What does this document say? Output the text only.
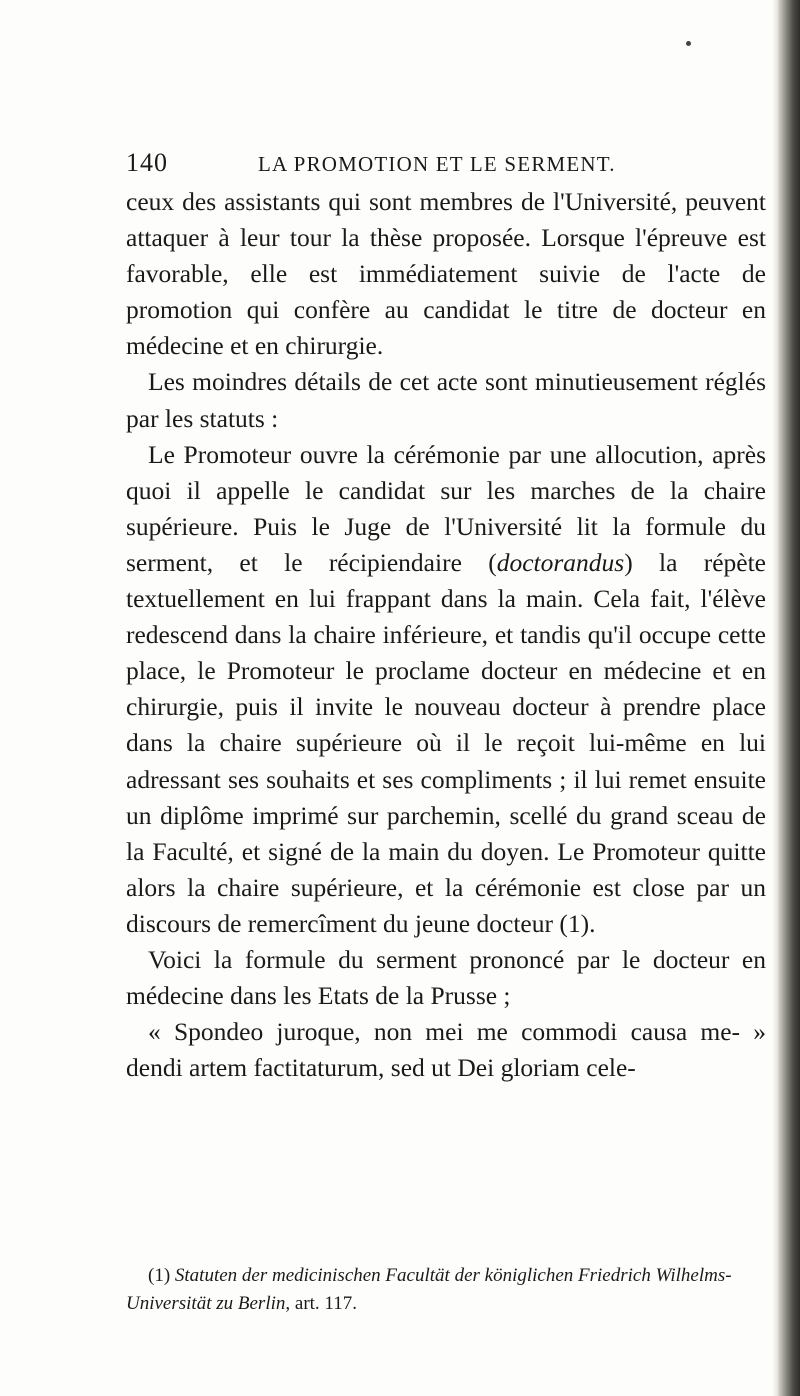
140	LA PROMOTION ET LE SERMENT.

ceux des assistants qui sont membres de l'Université, peuvent attaquer à leur tour la thèse proposée. Lorsque l'épreuve est favorable, elle est immédiatement suivie de l'acte de promotion qui confère au candidat le titre de docteur en médecine et en chirurgie.

Les moindres détails de cet acte sont minutieusement réglés par les statuts :

Le Promoteur ouvre la cérémonie par une allocution, après quoi il appelle le candidat sur les marches de la chaire supérieure. Puis le Juge de l'Université lit la formule du serment, et le récipiendaire (doctorandus) la répète textuellement en lui frappant dans la main. Cela fait, l'élève redescend dans la chaire inférieure, et tandis qu'il occupe cette place, le Promoteur le proclame docteur en médecine et en chirurgie, puis il invite le nouveau docteur à prendre place dans la chaire supérieure où il le reçoit lui-même en lui adressant ses souhaits et ses compliments ; il lui remet ensuite un diplôme imprimé sur parchemin, scellé du grand sceau de la Faculté, et signé de la main du doyen. Le Promoteur quitte alors la chaire supérieure, et la cérémonie est close par un discours de remercîment du jeune docteur (1).

Voici la formule du serment prononcé par le docteur en médecine dans les Etats de la Prusse ;

« Spondeo juroque, non mei me commodi causa me- » dendi artem factitaturum, sed ut Dei gloriam cele-

(1) Statuten der medicinischen Facultät der königlichen Friedrich Wilhelms-Universität zu Berlin, art. 117.
